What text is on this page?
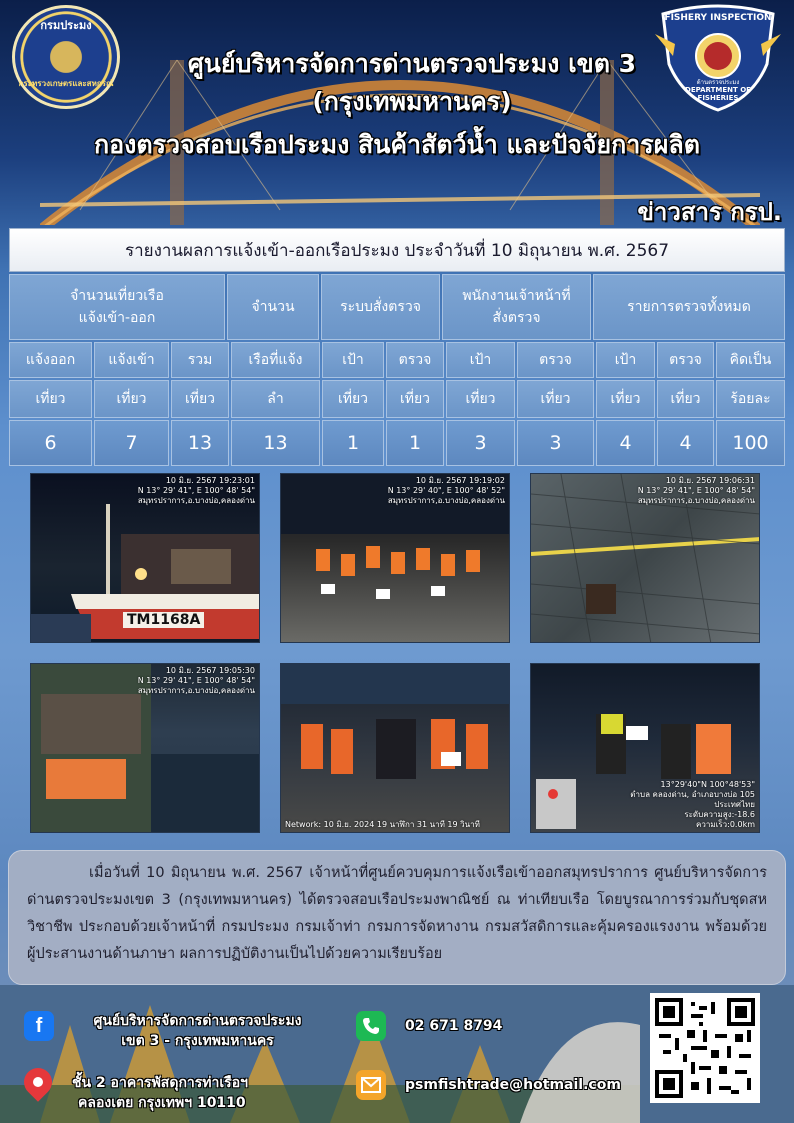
กรมประมง
กระทรวงเกษตรและสหกรณ์
FISHERY INSPECTION
ด้านตรวจประมง
DEPARTMENT OF FISHERIES
ศูนย์บริหารจัดการด่านตรวจประมง เขต 3
(กรุงเทพมหานคร)
กองตรวจสอบเรือประมง สินค้าสัตว์น้ำ และปัจจัยการผลิต
ข่าวสาร กรป.
รายงานผลการแจ้งเข้า-ออกเรือประมง ประจำวันที่ 10 มิถุนายน พ.ศ. 2567
จำนวนเที่ยวเรือ
แจ้งเข้า-ออก
จำนวน	ระบบสั่งตรวจ
พนักงานเจ้าหน้าที่
สั่งตรวจ
รายการตรวจทั้งหมด
แจ้งออก	แจ้งเข้า	รวม	เรือที่แจ้ง	เป้า	ตรวจ	เป้า	ตรวจ	เป้า	ตรวจ	คิดเป็น
เที่ยว	เที่ยว	เที่ยว	ลำ	เที่ยว	เที่ยว	เที่ยว	เที่ยว	เที่ยว	เที่ยว	ร้อยละ
6	7	13	13	1	1	3	3	4	4	100
10 มิ.ย. 2567 19:23:01
N 13° 29' 41", E 100° 48' 54"
สมุทรปราการ,อ.บางบ่อ,คลองด่าน
TM1168A
10 มิ.ย. 2567 19:19:02
N 13° 29' 40", E 100° 48' 52"
สมุทรปราการ,อ.บางบ่อ,คลองด่าน
10 มิ.ย. 2567 19:06:31
N 13° 29' 41", E 100° 48' 54"
สมุทรปราการ,อ.บางบ่อ,คลองด่าน
10 มิ.ย. 2567 19:05:30
N 13° 29' 41", E 100° 48' 54"
สมุทรปราการ,อ.บางบ่อ,คลองด่าน
Network: 10 มิ.ย. 2024 19 นาฬิกา 31 นาที 19 วินาที
13°29'40"N 100°48'53"
ตำบล คลองด่าน, อำเภอบางบ่อ 105
ประเทศไทย
ระดับความสูง:-18.6
ความเร็ว:0.0km
เมื่อวันที่ 10 มิถุนายน พ.ศ. 2567 เจ้าหน้าที่ศูนย์ควบคุมการแจ้งเรือเข้าออกสมุทรปราการ ศูนย์บริหารจัดการด่านตรวจประมงเขต 3 (กรุงเทพมหานคร) ได้ตรวจสอบเรือประมงพาณิชย์ ณ ท่าเทียบเรือ โดยบูรณาการร่วมกับชุดสหวิชาชีพ ประกอบด้วยเจ้าหน้าที่ กรมประมง กรมเจ้าท่า กรมการจัดหางาน กรมสวัสดิการและคุ้มครองแรงงาน พร้อมด้วย ผู้ประสานงานด้านภาษา ผลการปฏิบัติงานเป็นไปด้วยความเรียบร้อย
f	ศูนย์บริหารจัดการด่านตรวจประมง
เขต 3 - กรุงเทพมหานคร
02 671 8794
ชั้น 2 อาคารพัสดุการท่าเรือฯ
คลองเตย กรุงเทพฯ 10110
psmfishtrade@hotmail.com
